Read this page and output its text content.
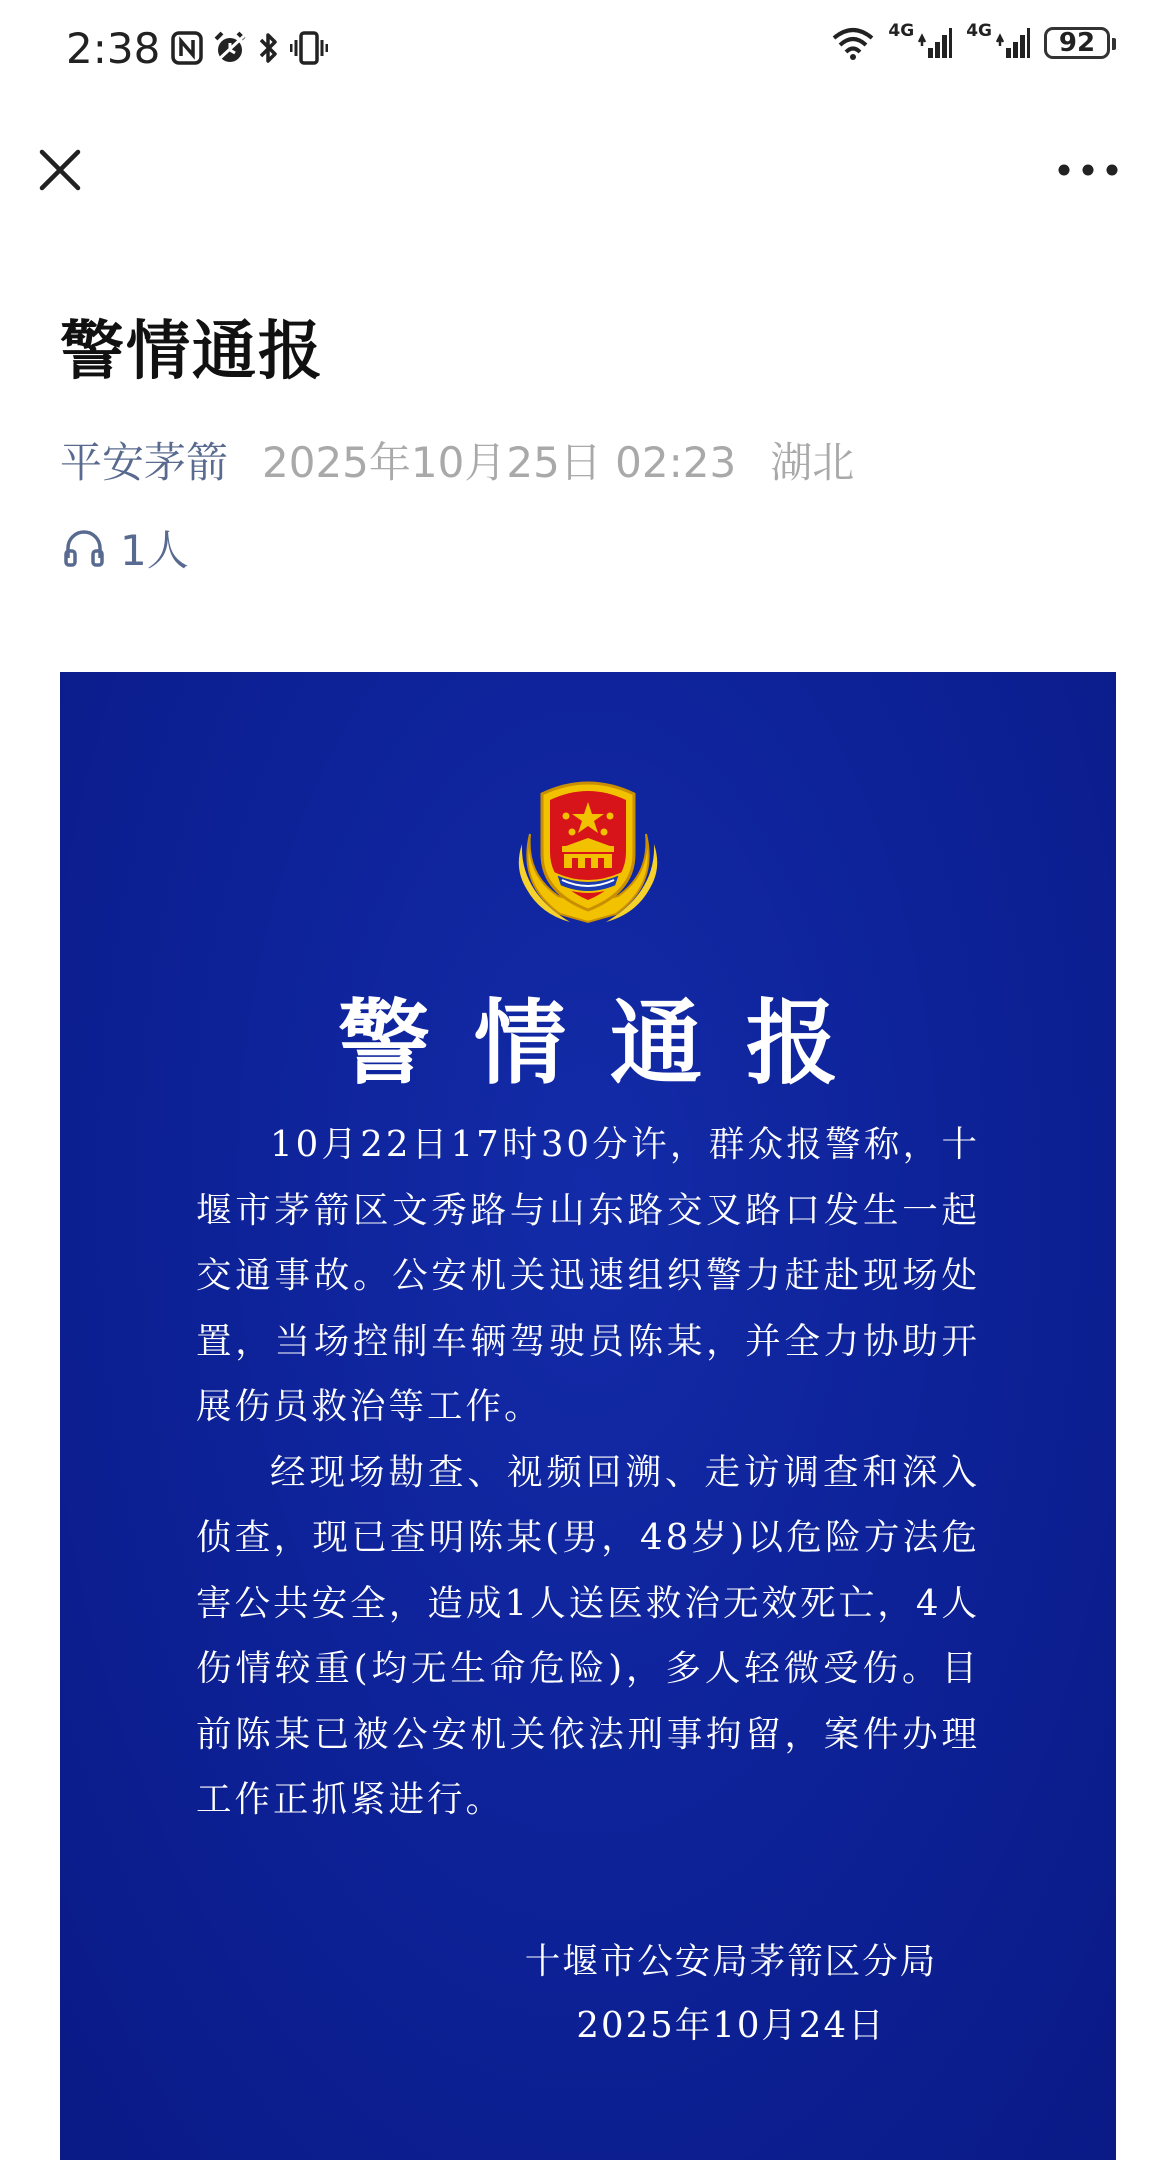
2:38	4G	4G	92
警情通报
平安茅箭 2025年10月25日 02:23 湖北
1人
警情通报

10月22日17时30分许，群众报警称，十堰市茅箭区文秀路与山东路交叉路口发生一起交通事故。公安机关迅速组织警力赶赴现场处置，当场控制车辆驾驶员陈某，并全力协助开展伤员救治等工作。

经现场勘查、视频回溯、走访调查和深入侦查，现已查明陈某(男，48岁)以危险方法危害公共安全，造成1人送医救治无效死亡，4人伤情较重(均无生命危险)，多人轻微受伤。目前陈某已被公安机关依法刑事拘留，案件办理工作正抓紧进行。

十堰市公安局茅箭区分局
2025年10月24日
